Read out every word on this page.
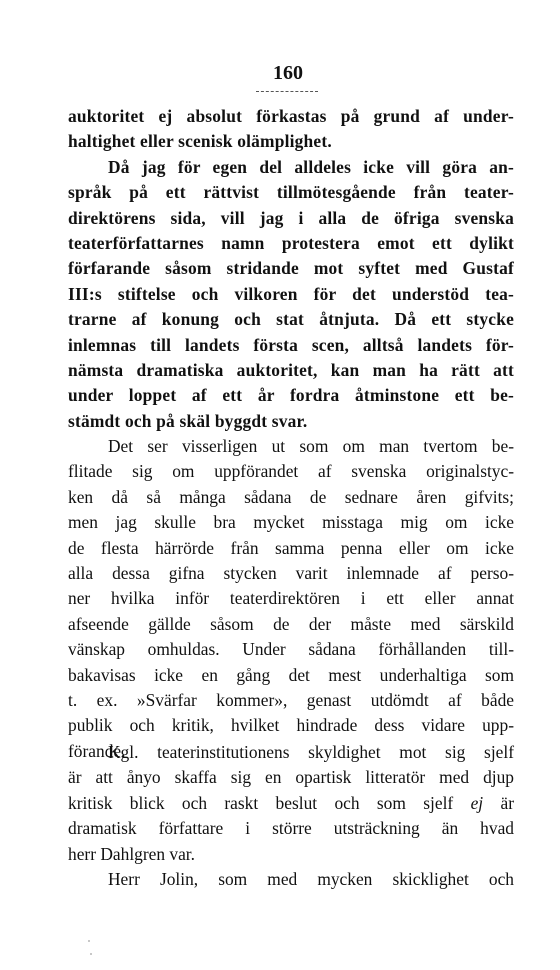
160
auktoritet ej absolut förkastas på grund af under-
haltighet eller scenisk olämplighet.
Då jag för egen del alldeles icke vill göra an-
språk på ett rättvist tillmötesgående från teater-
direktörens sida, vill jag i alla de öfriga svenska
teaterförfattarnes namn protestera emot ett dylikt
förfarande såsom stridande mot syftet med Gustaf
III:s stiftelse och vilkoren för det understöd tea-
trarne af konung och stat åtnjuta. Då ett stycke
inlemnas till landets första scen, alltså landets för-
nämsta dramatiska auktoritet, kan man ha rätt att
under loppet af ett år fordra åtminstone ett be-
stämdt och på skäl byggdt svar.
Det ser visserligen ut som om man tvertom be-
flitade sig om uppförandet af svenska originalstyc-
ken då så många sådana de sednare åren gifvits;
men jag skulle bra mycket misstaga mig om icke
de flesta härrörde från samma penna eller om icke
alla dessa gifna stycken varit inlemnade af perso-
ner hvilka inför teaterdirektören i ett eller annat
afseende gällde såsom de der måste med särskild
vänskap omhuldas. Under sådana förhållanden till-
bakavisas icke en gång det mest underhaltiga som
t. ex. »Svärfar kommer», genast utdömdt af både
publik och kritik, hvilket hindrade dess vidare upp-
förande.
Kgl. teaterinstitutionens skyldighet mot sig sjelf
är att ånyo skaffa sig en opartisk litteratör med djup
kritisk blick och raskt beslut och som sjelf ej är
dramatisk författare i större utsträckning än hvad
herr Dahlgren var.
Herr Jolin, som med mycken skicklighet och
